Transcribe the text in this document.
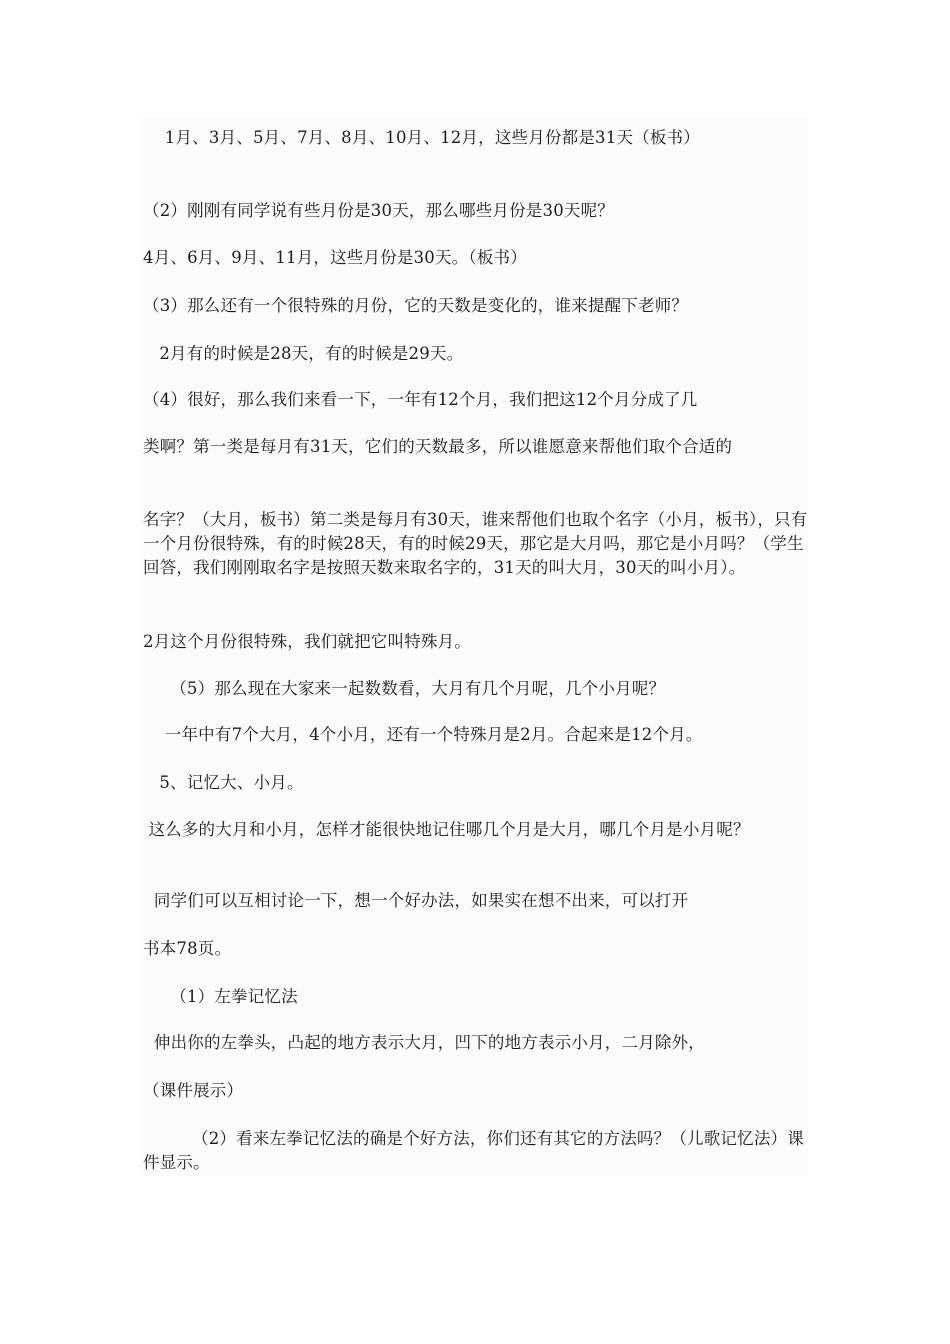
1月、3月、5月、7月、8月、10月、12月，这些月份都是31天（板书）

（2）刚刚有同学说有些月份是30天，那么哪些月份是30天呢？

4月、6月、9月、11月，这些月份是30天。（板书）

（3）那么还有一个很特殊的月份，它的天数是变化的，谁来提醒下老师？

2月有的时候是28天，有的时候是29天。

（4）很好，那么我们来看一下，一年有12个月，我们把这12个月分成了几

类啊？第一类是每月有31天，它们的天数最多，所以谁愿意来帮他们取个合适的

名字？（大月，板书）第二类是每月有30天，谁来帮他们也取个名字（小月，板书），只有一个月份很特殊，有的时候28天，有的时候29天，那它是大月吗，那它是小月吗？（学生回答，我们刚刚取名字是按照天数来取名字的，31天的叫大月，30天的叫小月）。

2月这个月份很特殊，我们就把它叫特殊月。

（5）那么现在大家来一起数数看，大月有几个月呢，几个小月呢？

一年中有7个大月，4个小月，还有一个特殊月是2月。合起来是12个月。

5、记忆大、小月。

这么多的大月和小月，怎样才能很快地记住哪几个月是大月，哪几个月是小月呢？

同学们可以互相讨论一下，想一个好办法，如果实在想不出来，可以打开

书本78页。

（1）左拳记忆法

伸出你的左拳头，凸起的地方表示大月，凹下的地方表示小月，二月除外，

（课件展示）

（2）看来左拳记忆法的确是个好方法，你们还有其它的方法吗？（儿歌记忆法）课件显示。
